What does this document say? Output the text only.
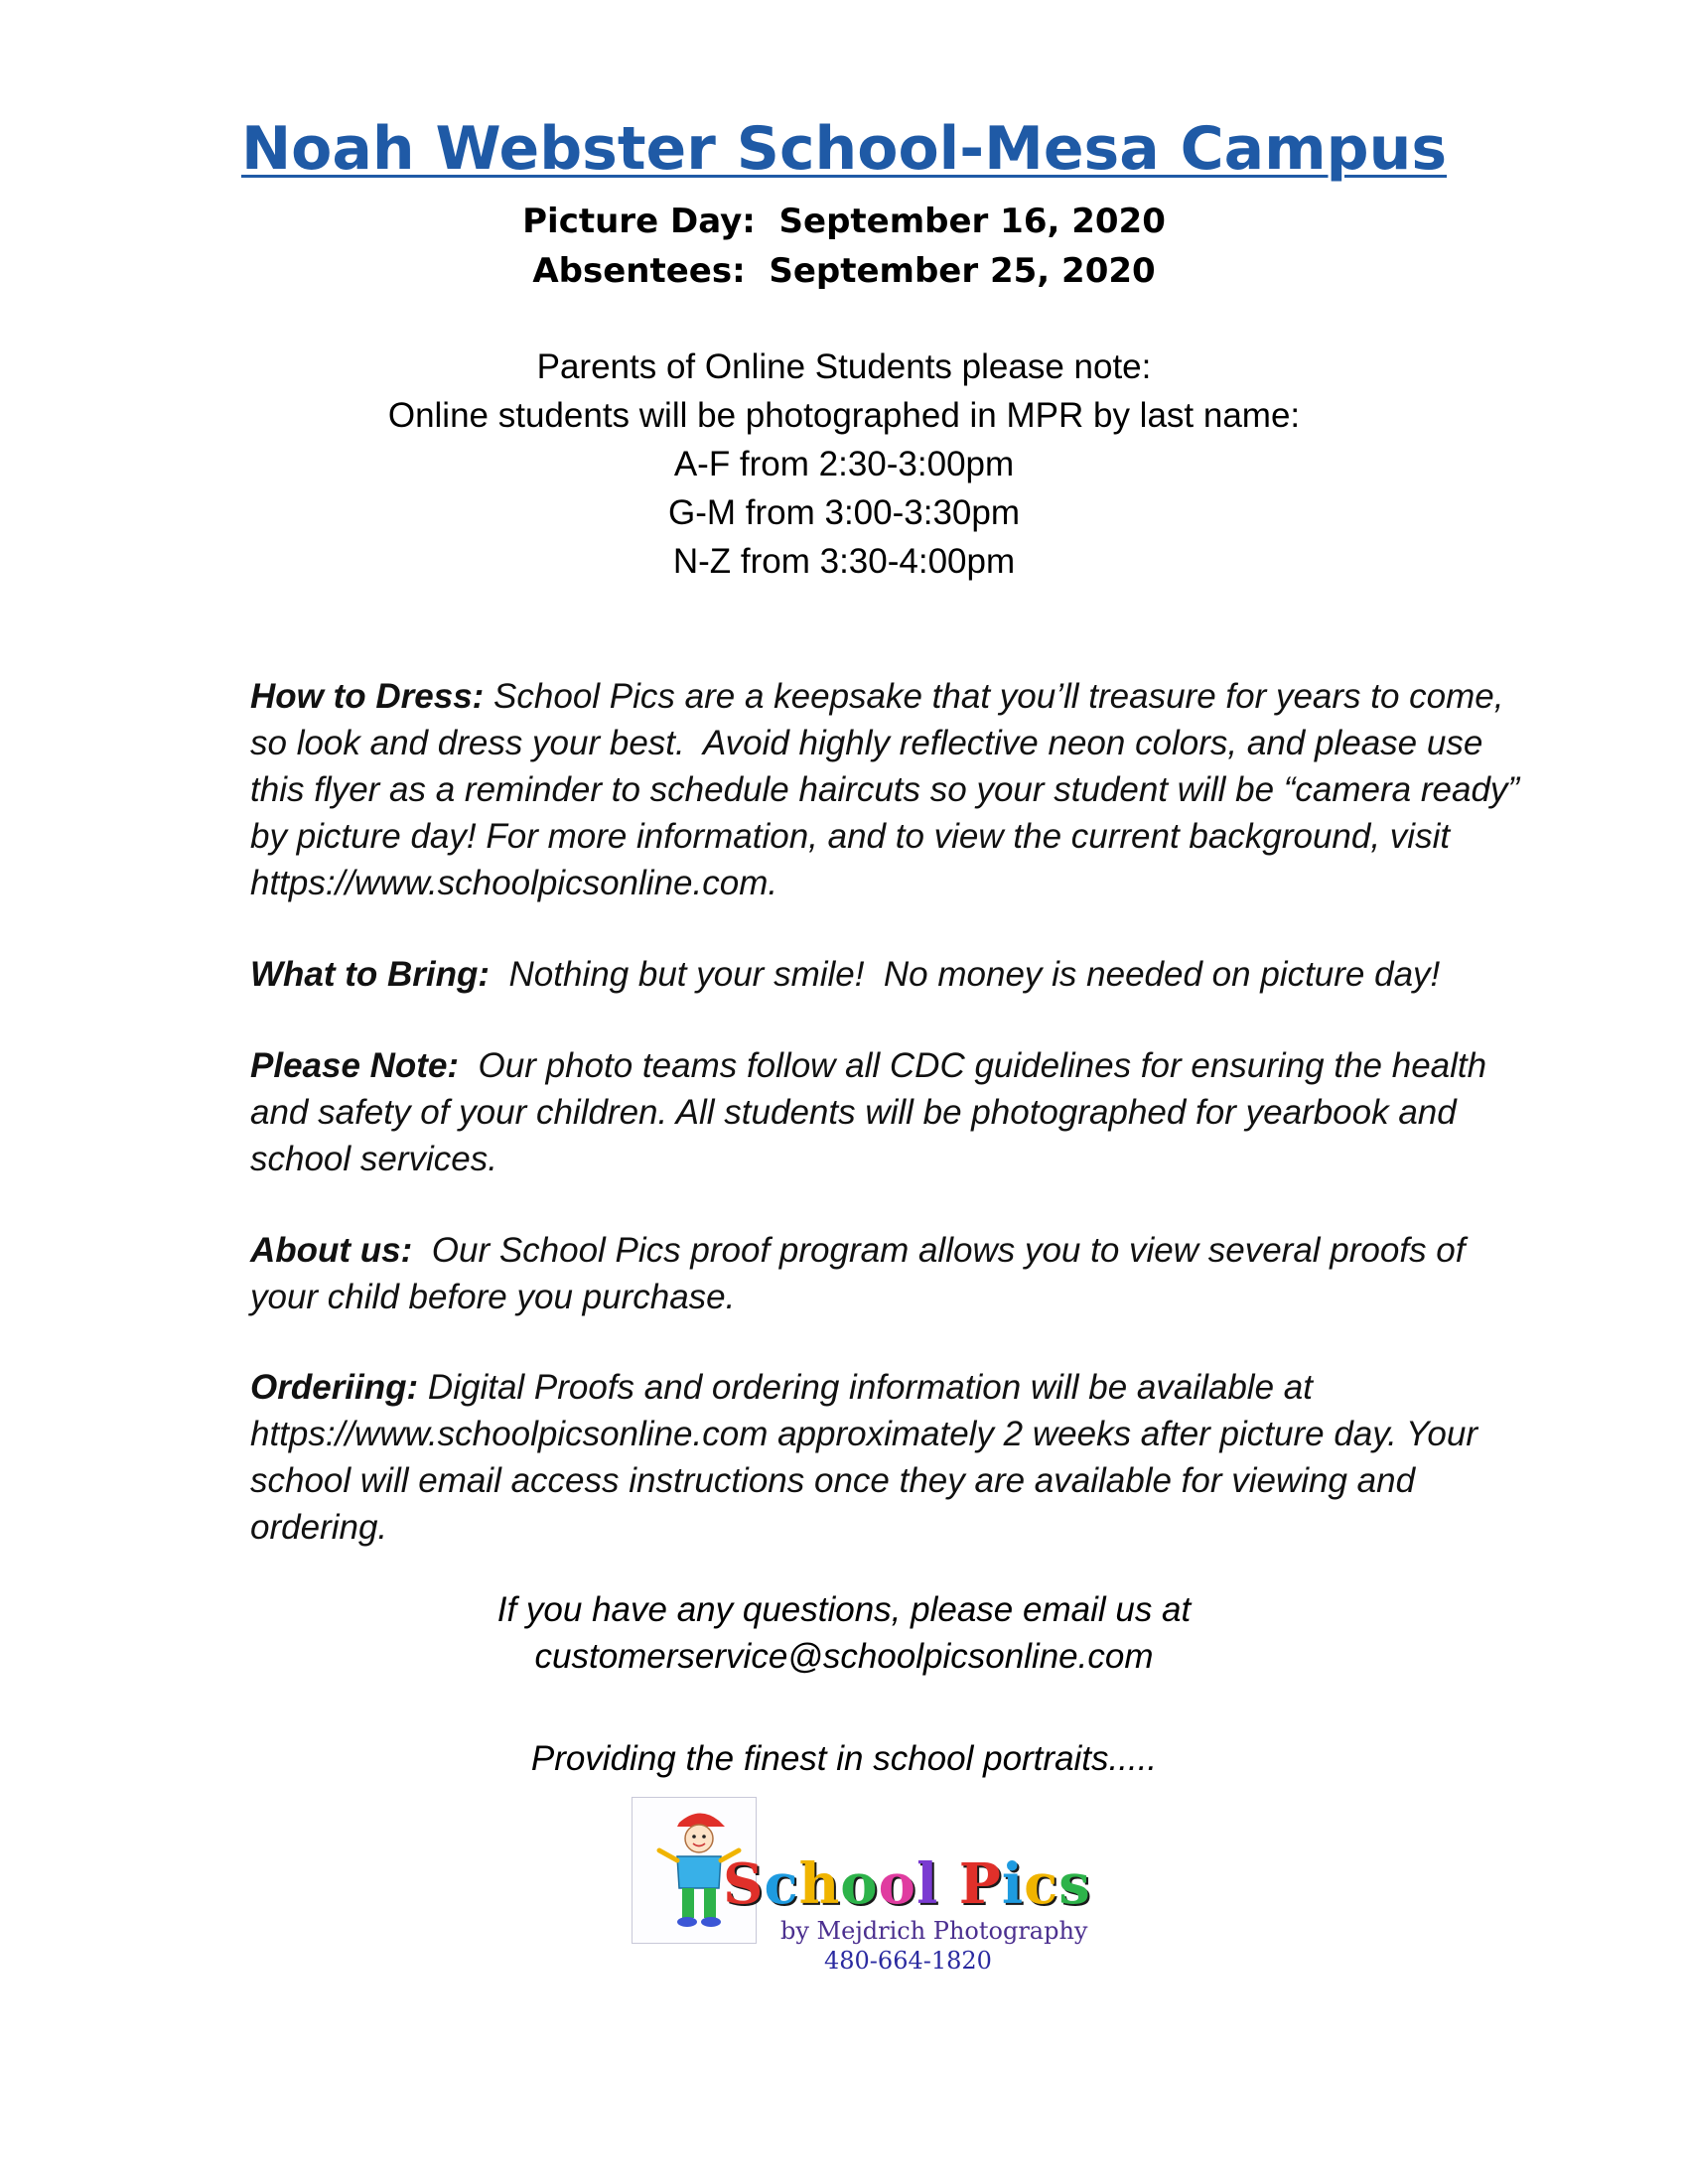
Noah Webster School-Mesa Campus
Picture Day:  September 16, 2020
Absentees:  September 25, 2020
Parents of Online Students please note:
Online students will be photographed in MPR by last name:
A-F from 2:30-3:00pm
G-M from 3:00-3:30pm
N-Z from 3:30-4:00pm
How to Dress: School Pics are a keepsake that you’ll treasure for years to come, so look and dress your best.  Avoid highly reflective neon colors, and please use this flyer as a reminder to schedule haircuts so your student will be “camera ready” by picture day! For more information, and to view the current background, visit https://www.schoolpicsonline.com.
What to Bring: Nothing but your smile!  No money is needed on picture day!
Please Note: Our photo teams follow all CDC guidelines for ensuring the health and safety of your children. All students will be photographed for yearbook and school services.
About us: Our School Pics proof program allows you to view several proofs of your child before you purchase.
Orderiing: Digital Proofs and ordering information will be available at https://www.schoolpicsonline.com approximately 2 weeks after picture day. Your school will email access instructions once they are available for viewing and ordering.
If you have any questions, please email us at
customerservice@schoolpicsonline.com
Providing the finest in school portraits.....
School Pics
by Mejdrich Photography
480-664-1820
